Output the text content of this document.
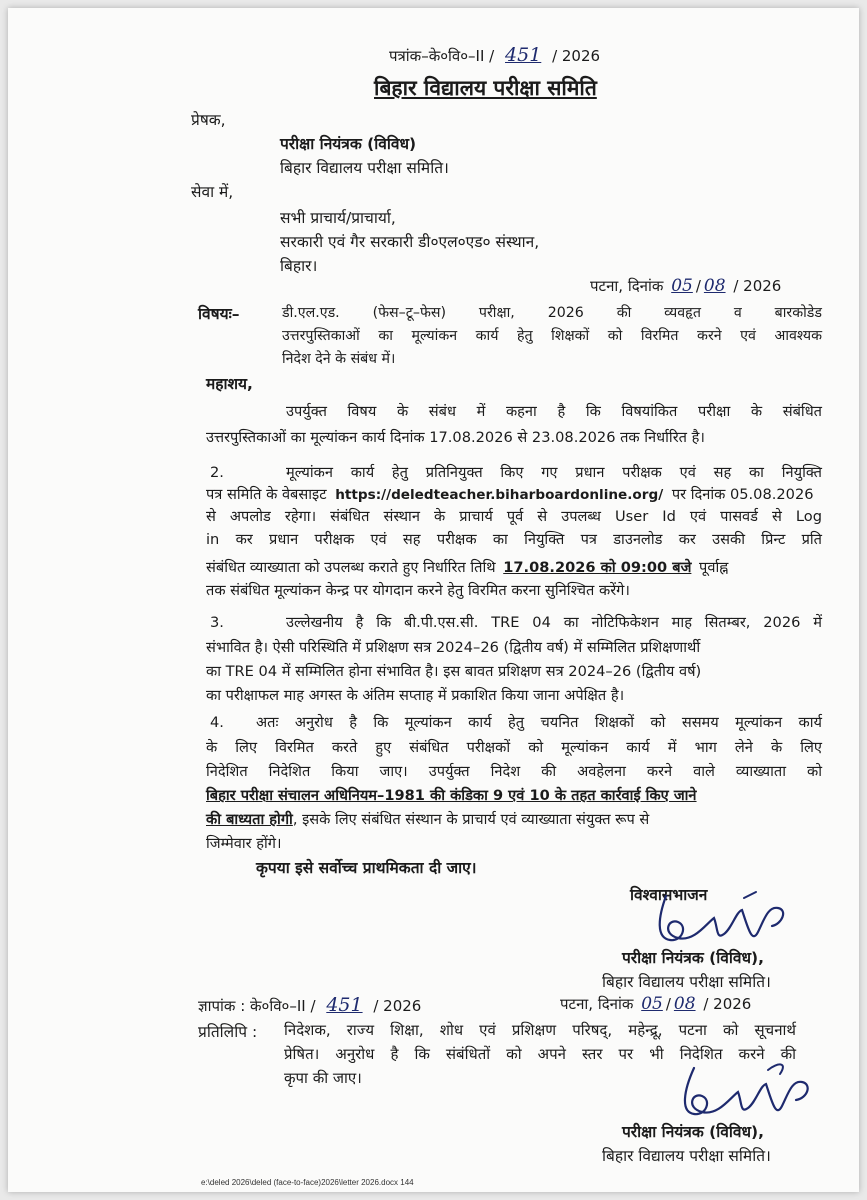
पत्रांक–के०वि०–II / 451 / 2026
बिहार विद्यालय परीक्षा समिति
प्रेषक,
परीक्षा नियंत्रक (विविध)
बिहार विद्यालय परीक्षा समिति।
सेवा में,
सभी प्राचार्य/प्राचार्या,
सरकारी एवं गैर सरकारी डी०एल०एड० संस्थान,
बिहार।
पटना, दिनांक 05 / 08 / 2026
विषयः–	डी.एल.एड. (फेस–टू–फेस) परीक्षा, 2026 की व्यवहृत व बारकोडेड
उत्तरपुस्तिकाओं का मूल्यांकन कार्य हेतु शिक्षकों को विरमित करने एवं आवश्यक
निदेश देने के संबंध में।
महाशय,
उपर्युक्त विषय के संबंध में कहना है कि विषयांकित परीक्षा के संबंधित
उत्तरपुस्तिकाओं का मूल्यांकन कार्य दिनांक 17.08.2026 से 23.08.2026 तक निर्धारित है।
2.	मूल्यांकन कार्य हेतु प्रतिनियुक्त किए गए प्रधान परीक्षक एवं सह का नियुक्ति
पत्र समिति के वेबसाइट https://deledteacher.biharboardonline.org/ पर दिनांक 05.08.2026
से अपलोड रहेगा। संबंधित संस्थान के प्राचार्य पूर्व से उपलब्ध User Id एवं पासवर्ड से Log
in कर प्रधान परीक्षक एवं सह परीक्षक का नियुक्ति पत्र डाउनलोड कर उसकी प्रिन्ट प्रति
संबंधित व्याख्याता को उपलब्ध कराते हुए निर्धारित तिथि 17.08.2026 को 09:00 बजे पूर्वाह्न
तक संबंधित मूल्यांकन केन्द्र पर योगदान करने हेतु विरमित करना सुनिश्चित करेंगे।
3.	उल्लेखनीय है कि बी.पी.एस.सी. TRE 04 का नोटिफिकेशन माह सितम्बर, 2026 में
संभावित है। ऐसी परिस्थिति में प्रशिक्षण सत्र 2024–26 (द्वितीय वर्ष) में सम्मिलित प्रशिक्षणार्थी
का TRE 04 में सम्मिलित होना संभावित है। इस बावत प्रशिक्षण सत्र 2024–26 (द्वितीय वर्ष)
का परीक्षाफल माह अगस्त के अंतिम सप्ताह में प्रकाशित किया जाना अपेक्षित है।
4. अतः अनुरोध है कि मूल्यांकन कार्य हेतु चयनित शिक्षकों को ससमय मूल्यांकन कार्य
के लिए विरमित करते हुए संबंधित परीक्षकों को मूल्यांकन कार्य में भाग लेने के लिए
निदेशित निदेशित किया जाए। उपर्युक्त निदेश की अवहेलना करने वाले व्याख्याता को
बिहार परीक्षा संचालन अधिनियम–1981 की कंडिका 9 एवं 10 के तहत कार्रवाई किए जाने
की बाध्यता होगी, इसके लिए संबंधित संस्थान के प्राचार्य एवं व्याख्याता संयुक्त रूप से
जिम्मेवार होंगे।
कृपया इसे सर्वोच्च प्राथमिकता दी जाए।
विश्वासभाजन
परीक्षा नियंत्रक (विविध),
बिहार विद्यालय परीक्षा समिति।
ज्ञापांक : के०वि०–II / 451 / 2026	पटना, दिनांक 05 / 08 / 2026
प्रतिलिपि : निदेशक, राज्य शिक्षा, शोध एवं प्रशिक्षण परिषद्, महेन्द्रू, पटना को सूचनार्थ
प्रेषित। अनुरोध है कि संबंधितों को अपने स्तर पर भी निदेशित करने की
कृपा की जाए।
परीक्षा नियंत्रक (विविध),
बिहार विद्यालय परीक्षा समिति।
e:\deled 2026\deled (face-to-face)2026\letter 2026.docx 144
